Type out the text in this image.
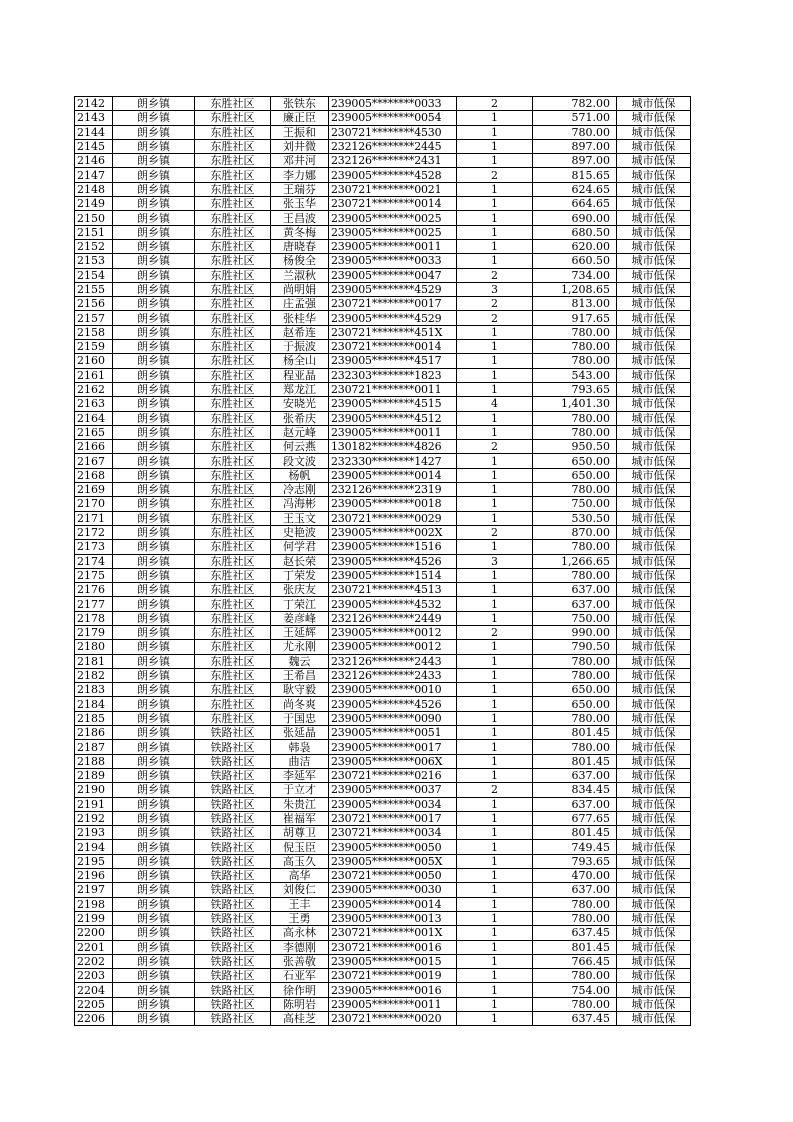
2142	朗乡镇	东胜社区	张铁东	239005********0033	2	782.00	城市低保
2143	朗乡镇	东胜社区	廉正臣	239005********0054	1	571.00	城市低保
2144	朗乡镇	东胜社区	王振和	230721********4530	1	780.00	城市低保
2145	朗乡镇	东胜社区	刘井微	232126********2445	1	897.00	城市低保
2146	朗乡镇	东胜社区	邓井河	232126********2431	1	897.00	城市低保
2147	朗乡镇	东胜社区	李力娜	239005********4528	2	815.65	城市低保
2148	朗乡镇	东胜社区	王瑞芬	230721********0021	1	624.65	城市低保
2149	朗乡镇	东胜社区	张玉华	230721********0014	1	664.65	城市低保
2150	朗乡镇	东胜社区	王昌波	239005********0025	1	690.00	城市低保
2151	朗乡镇	东胜社区	黄冬梅	239005********0025	1	680.50	城市低保
2152	朗乡镇	东胜社区	唐晓春	239005********0011	1	620.00	城市低保
2153	朗乡镇	东胜社区	杨俊全	239005********0033	1	660.50	城市低保
2154	朗乡镇	东胜社区	兰淑秋	239005********0047	2	734.00	城市低保
2155	朗乡镇	东胜社区	尚明娟	239005********4529	3	1,208.65	城市低保
2156	朗乡镇	东胜社区	庄孟强	230721********0017	2	813.00	城市低保
2157	朗乡镇	东胜社区	张桂华	239005********4529	2	917.65	城市低保
2158	朗乡镇	东胜社区	赵希连	230721********451X	1	780.00	城市低保
2159	朗乡镇	东胜社区	于振波	230721********0014	1	780.00	城市低保
2160	朗乡镇	东胜社区	杨全山	239005********4517	1	780.00	城市低保
2161	朗乡镇	东胜社区	程亚晶	232303********1823	1	543.00	城市低保
2162	朗乡镇	东胜社区	郑龙江	230721********0011	1	793.65	城市低保
2163	朗乡镇	东胜社区	安晓光	239005********4515	4	1,401.30	城市低保
2164	朗乡镇	东胜社区	张希庆	239005********4512	1	780.00	城市低保
2165	朗乡镇	东胜社区	赵元峰	239005********0011	1	780.00	城市低保
2166	朗乡镇	东胜社区	何云燕	130182********4826	2	950.50	城市低保
2167	朗乡镇	东胜社区	段文波	232330********1427	1	650.00	城市低保
2168	朗乡镇	东胜社区	杨帆	239005********0014	1	650.00	城市低保
2169	朗乡镇	东胜社区	冷志刚	232126********2319	1	780.00	城市低保
2170	朗乡镇	东胜社区	冯海彬	239005********0018	1	750.00	城市低保
2171	朗乡镇	东胜社区	王玉文	230721********0029	1	530.50	城市低保
2172	朗乡镇	东胜社区	史艳波	239005********002X	2	870.00	城市低保
2173	朗乡镇	东胜社区	何学君	239005********1516	1	780.00	城市低保
2174	朗乡镇	东胜社区	赵长荣	239005********4526	3	1,266.65	城市低保
2175	朗乡镇	东胜社区	丁荣发	239005********1514	1	780.00	城市低保
2176	朗乡镇	东胜社区	张庆友	230721********4513	1	637.00	城市低保
2177	朗乡镇	东胜社区	丁荣江	239005********4532	1	637.00	城市低保
2178	朗乡镇	东胜社区	姜彦峰	232126********2449	1	750.00	城市低保
2179	朗乡镇	东胜社区	王延辉	239005********0012	2	990.00	城市低保
2180	朗乡镇	东胜社区	尤永刚	239005********0012	1	790.50	城市低保
2181	朗乡镇	东胜社区	魏云	232126********2443	1	780.00	城市低保
2182	朗乡镇	东胜社区	王希昌	232126********2433	1	780.00	城市低保
2183	朗乡镇	东胜社区	耿守毅	239005********0010	1	650.00	城市低保
2184	朗乡镇	东胜社区	尚冬爽	239005********4526	1	650.00	城市低保
2185	朗乡镇	东胜社区	于国忠	239005********0090	1	780.00	城市低保
2186	朗乡镇	铁路社区	张延晶	239005********0051	1	801.45	城市低保
2187	朗乡镇	铁路社区	韩袅	239005********0017	1	780.00	城市低保
2188	朗乡镇	铁路社区	曲洁	239005********006X	1	801.45	城市低保
2189	朗乡镇	铁路社区	李延军	230721********0216	1	637.00	城市低保
2190	朗乡镇	铁路社区	于立才	239005********0037	2	834.45	城市低保
2191	朗乡镇	铁路社区	朱贵江	239005********0034	1	637.00	城市低保
2192	朗乡镇	铁路社区	崔福军	230721********0017	1	677.65	城市低保
2193	朗乡镇	铁路社区	胡尊卫	230721********0034	1	801.45	城市低保
2194	朗乡镇	铁路社区	倪玉臣	239005********0050	1	749.45	城市低保
2195	朗乡镇	铁路社区	高玉久	239005********005X	1	793.65	城市低保
2196	朗乡镇	铁路社区	高华	230721********0050	1	470.00	城市低保
2197	朗乡镇	铁路社区	刘俊仁	239005********0030	1	637.00	城市低保
2198	朗乡镇	铁路社区	王丰	239005********0014	1	780.00	城市低保
2199	朗乡镇	铁路社区	王勇	239005********0013	1	780.00	城市低保
2200	朗乡镇	铁路社区	高永林	230721********001X	1	637.45	城市低保
2201	朗乡镇	铁路社区	李德刚	230721********0016	1	801.45	城市低保
2202	朗乡镇	铁路社区	张善敬	239005********0015	1	766.45	城市低保
2203	朗乡镇	铁路社区	石亚军	230721********0019	1	780.00	城市低保
2204	朗乡镇	铁路社区	徐作明	239005********0016	1	754.00	城市低保
2205	朗乡镇	铁路社区	陈明岩	239005********0011	1	780.00	城市低保
2206	朗乡镇	铁路社区	高桂芝	230721********0020	1	637.45	城市低保
